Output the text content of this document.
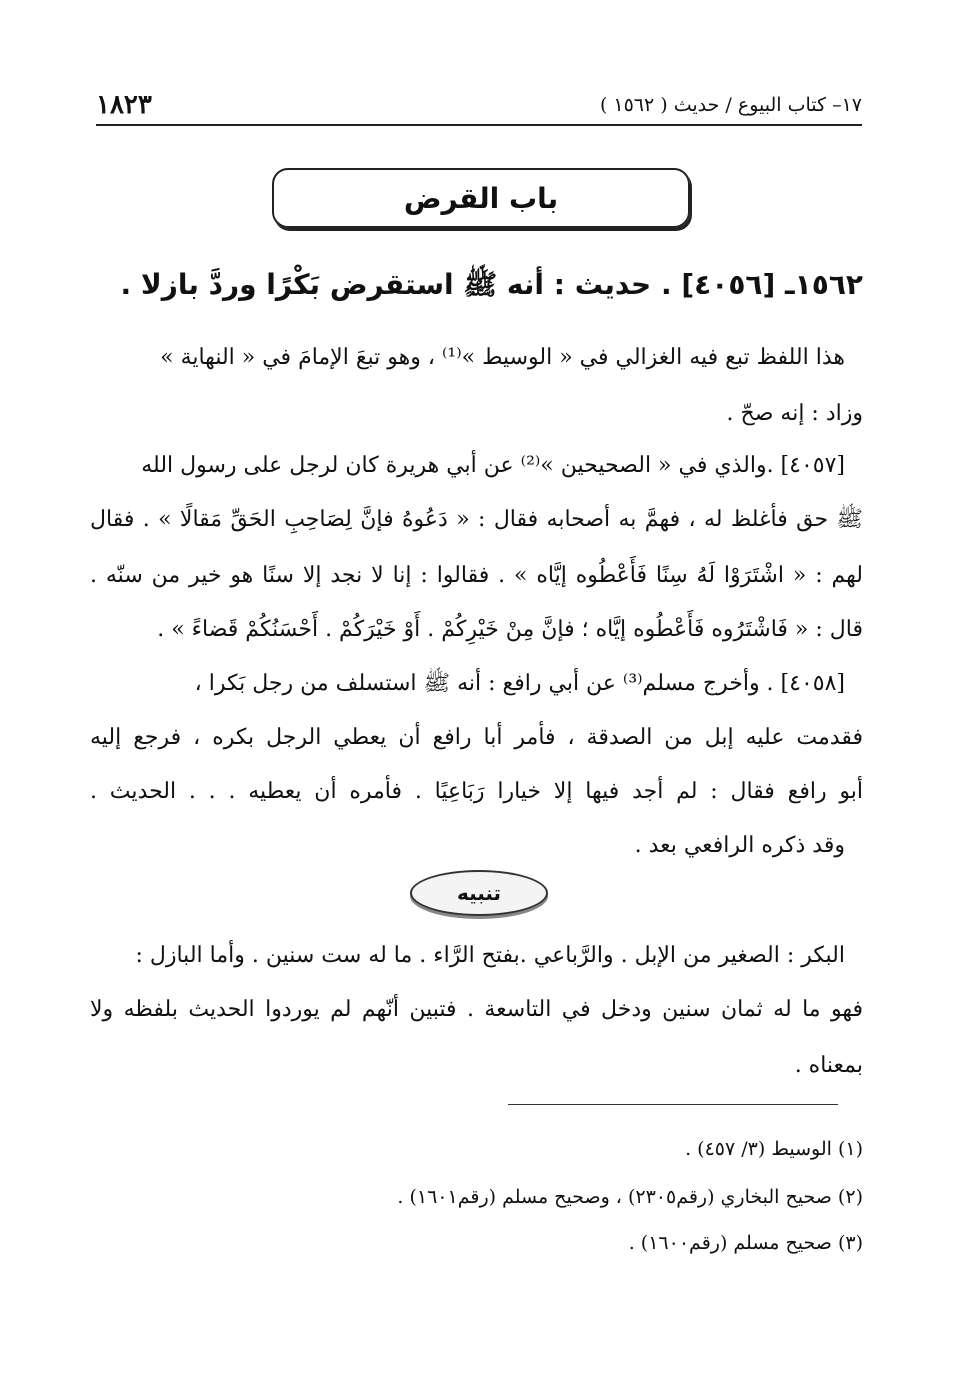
١٨٢٣	١٧– كتاب البيوع / حديث ( ١٥٦٢ )
باب القرض
١٥٦٢ـ [٤٠٥٦] . حديث : أنه ﷺ استقرض بَكْرًا وردَّ بازلا .
هذا اللفظ تبع فيه الغزالي في « الوسيط »⁽¹⁾ ، وهو تبعَ الإمامَ في « النهاية »
وزاد : إنه صحّ .
[٤٠٥٧] .والذي في « الصحيحين »⁽²⁾ عن أبي هريرة كان لرجل على رسول الله
ﷺ حق فأغلظ له ، فهمَّ به أصحابه فقال : « دَعُوهُ فإنَّ لِصَاحِبِ الحَقِّ مَقالًا » . فقال
لهم : « اشْتَرَوْا لَهُ سِنًا فَأَعْطُوه إيَّاه » . فقالوا : إنا لا نجد إلا سنًا هو خير من سنّه .
قال : « فَاشْتَرُوه فَأَعْطُوه إيَّاه ؛ فإنَّ مِنْ خَيْرِكُمْ . أَوْ خَيْرَكُمْ . أَحْسَنُكُمْ قَضاءً » .
[٤٠٥٨] . وأخرج مسلم⁽³⁾ عن أبي رافع : أنه ﷺ استسلف من رجل بَكرا ،
فقدمت عليه إبل من الصدقة ، فأمر أبا رافع أن يعطي الرجل بكره ، فرجع إليه
أبو رافع فقال : لم أجد فيها إلا خيارا رَبَاعِيًا . فأمره أن يعطيه . . . الحديث .
وقد ذكره الرافعي بعد .
تنبيه
البكر : الصغير من الإبل . والرَّباعي .بفتح الرَّاء . ما له ست سنين . وأما البازل :
فهو ما له ثمان سنين ودخل في التاسعة . فتبين أنّهم لم يوردوا الحديث بلفظه ولا
بمعناه .
(١) الوسيط (٣/ ٤٥٧) .
(٢) صحيح البخاري (رقم٢٣٠٥) ، وصحيح مسلم (رقم١٦٠١) .
(٣) صحيح مسلم (رقم١٦٠٠) .
